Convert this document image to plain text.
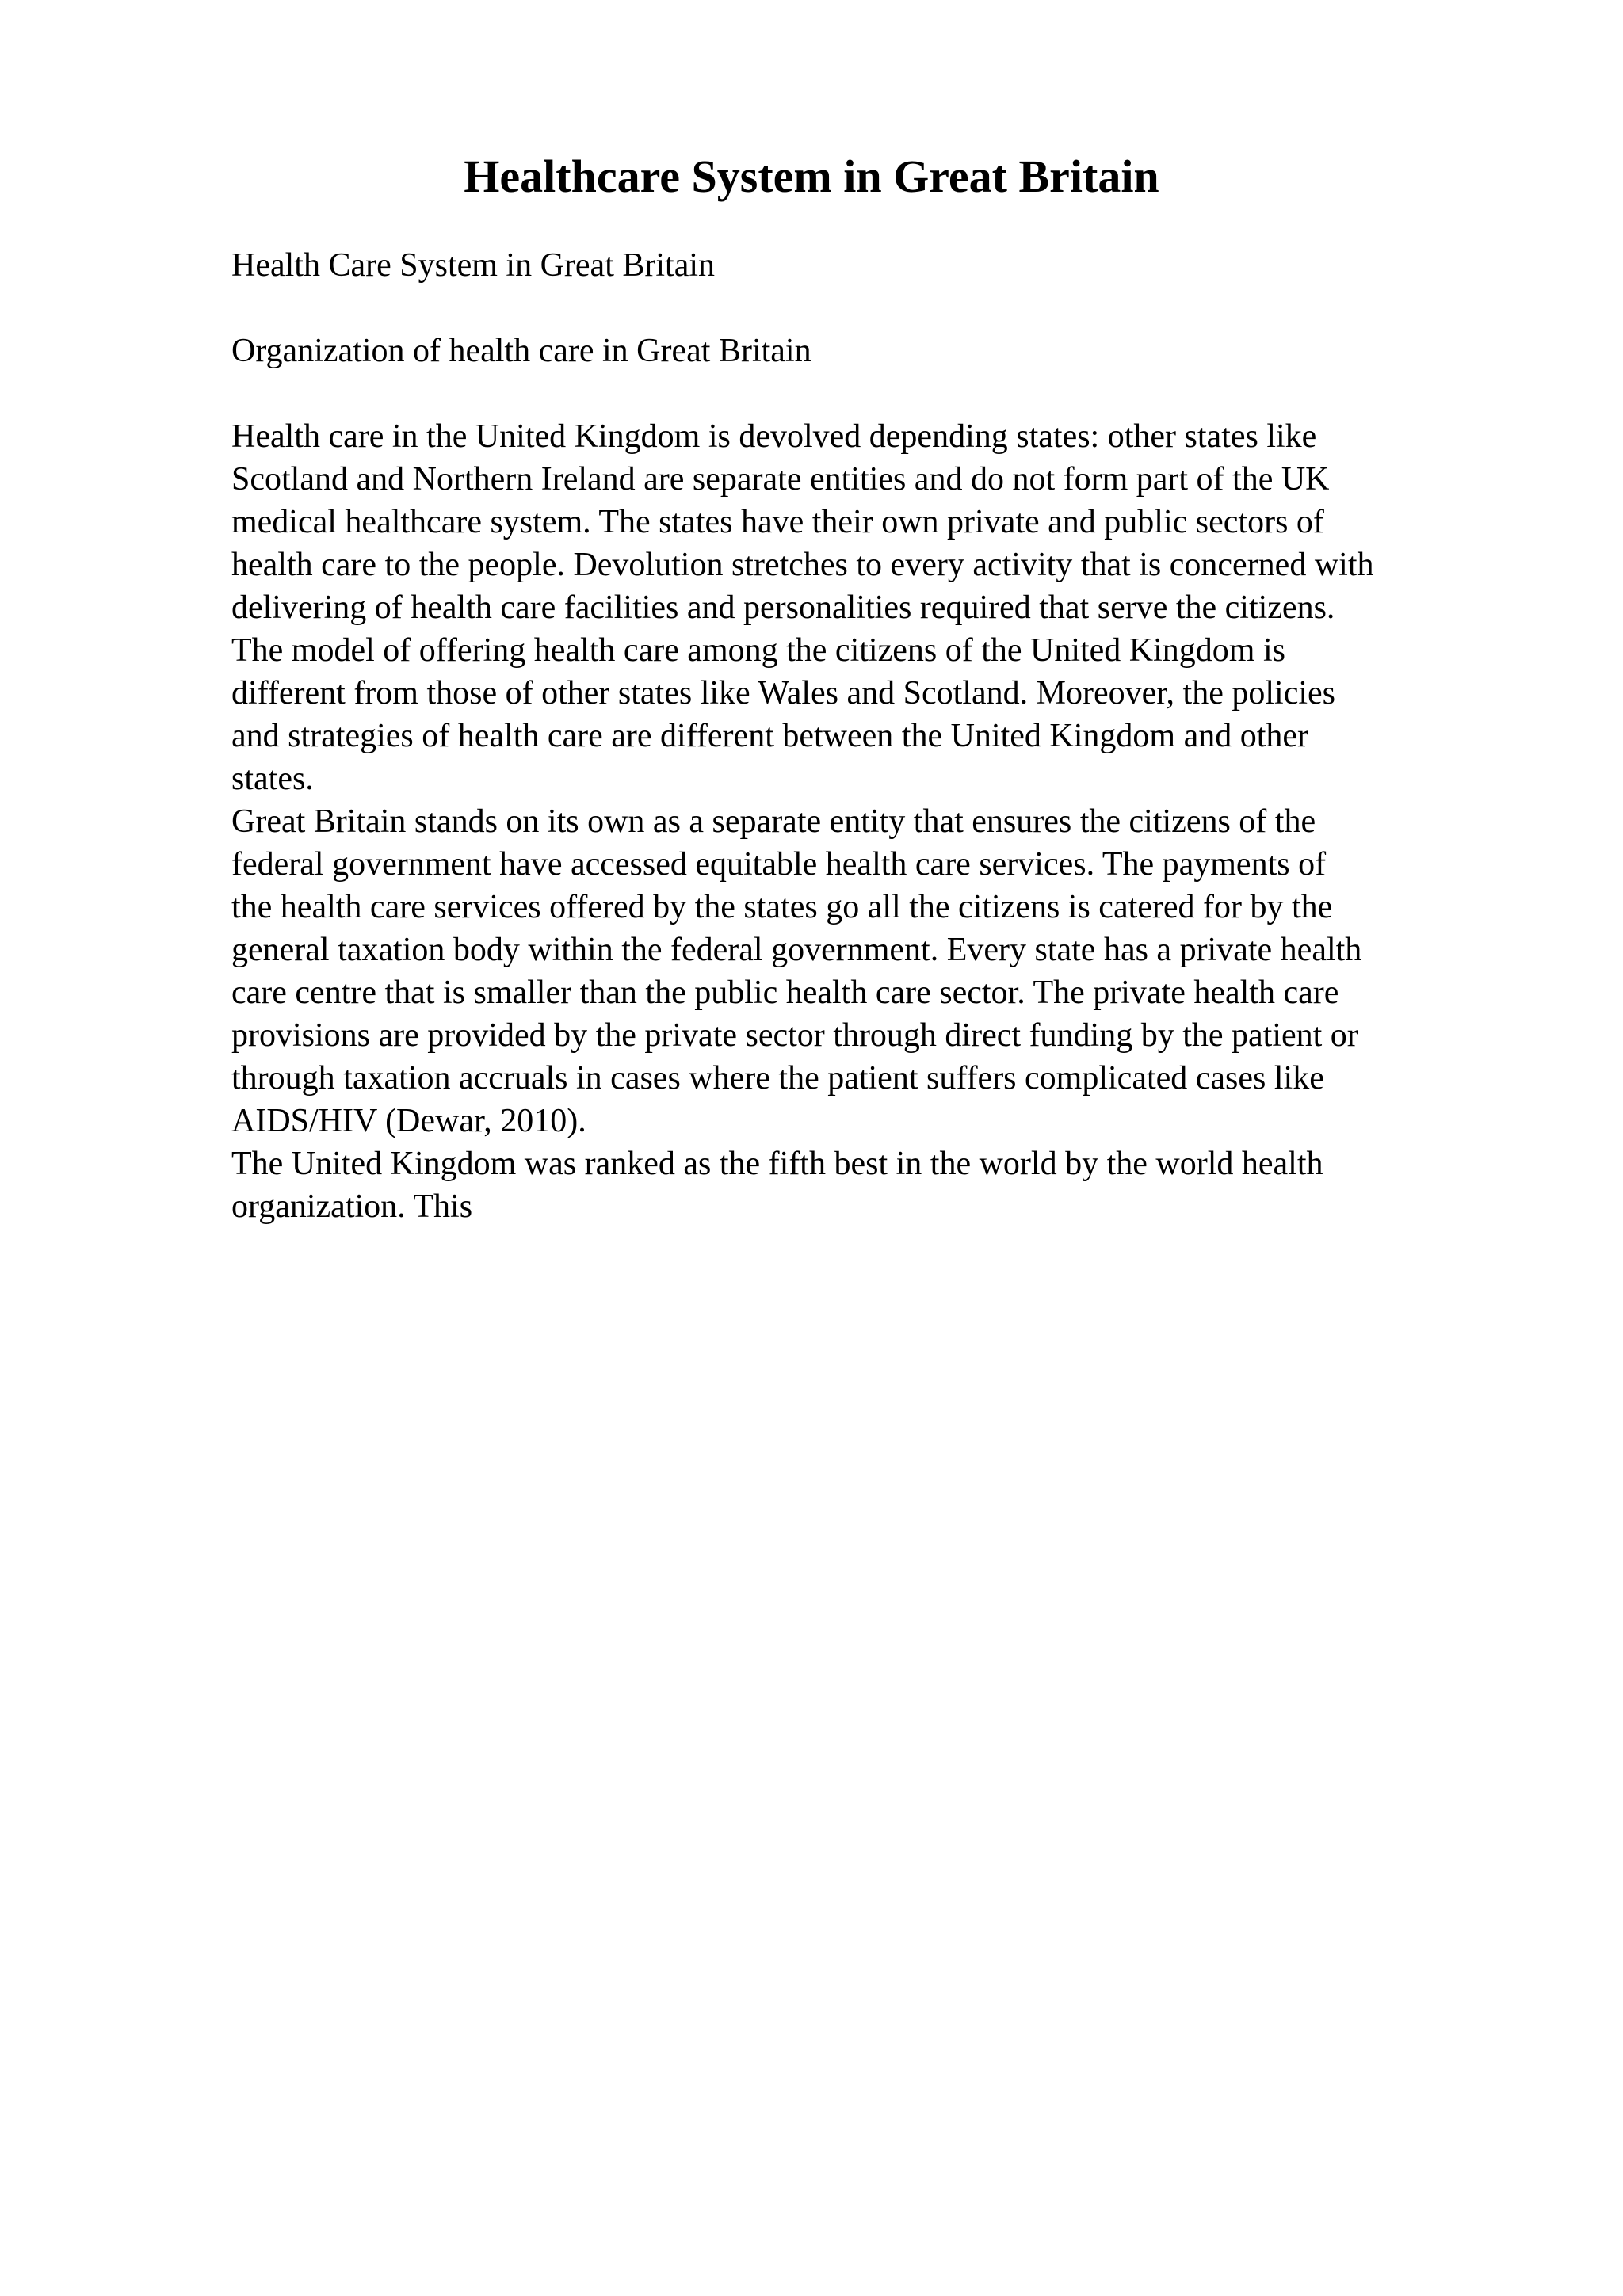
Healthcare System in Great Britain

Health Care System in Great Britain

Organization of health care in Great Britain

Health care in the United Kingdom is devolved depending states: other states like
Scotland and Northern Ireland are separate entities and do not form part of the UK
medical healthcare system. The states have their own private and public sectors of
health care to the people. Devolution stretches to every activity that is concerned with
delivering of health care facilities and personalities required that serve the citizens.
The model of offering health care among the citizens of the United Kingdom is
different from those of other states like Wales and Scotland. Moreover, the policies
and strategies of health care are different between the United Kingdom and other
states.
Great Britain stands on its own as a separate entity that ensures the citizens of the
federal government have accessed equitable health care services. The payments of
the health care services offered by the states go all the citizens is catered for by the
general taxation body within the federal government. Every state has a private health
care centre that is smaller than the public health care sector. The private health care
provisions are provided by the private sector through direct funding by the patient or
through taxation accruals in cases where the patient suffers complicated cases like
AIDS/HIV (Dewar, 2010).
The United Kingdom was ranked as the fifth best in the world by the world health
organization. This
